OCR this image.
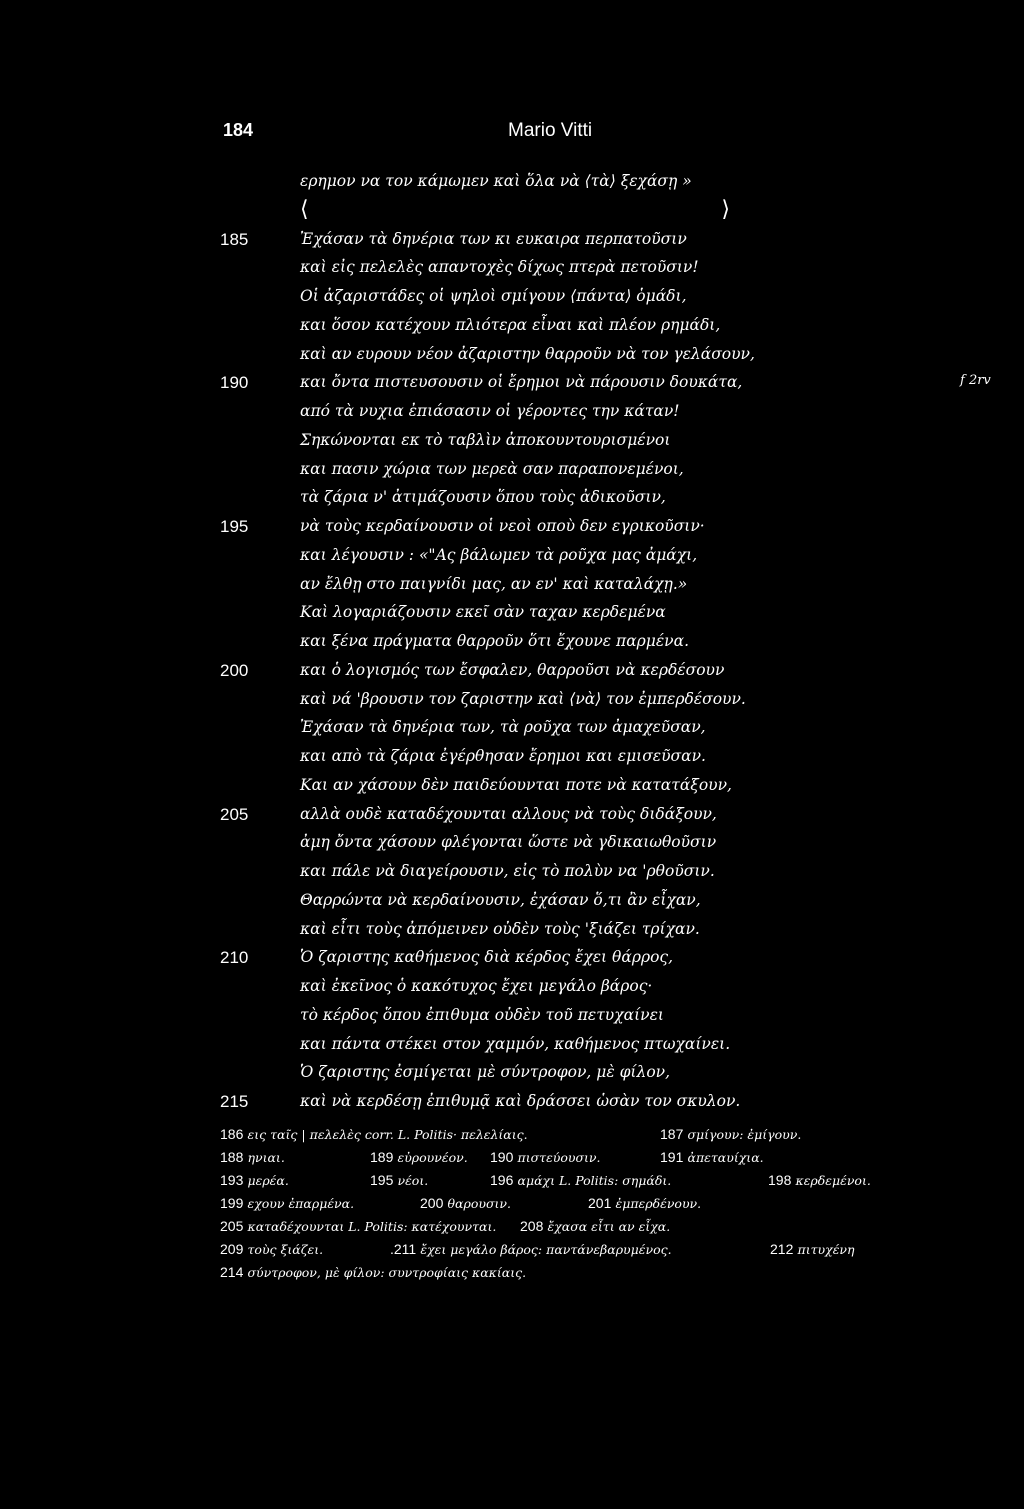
184	Mario Vitti
ερημον να τον κάμωμεν καὶ ὅλα νὰ ⟨τὰ⟩ ξεχάσῃ »
⟨	⟩
185	Ἐχάσαν τὰ δηνέρια των κι ευκαιρα περπατοῦσιν
καὶ εἰς πελελὲς απαντοχὲς δίχως πτερὰ πετοῦσιν!
Οἱ ἀζαριστάδες οἱ ψηλοὶ σμίγουν ⟨πάντα⟩ ὁμάδι,
και ὅσον κατέχουν πλιότερα εἶναι καὶ πλέον ρημάδι,
καὶ αν ευρουν νέον ἀζαριστην θαρροῦν νὰ τον γελάσουν,
190	και ὄντα πιστευσουσιν οἱ ἔρημοι νὰ πάρουσιν δουκάτα,	f 2rv
από τὰ νυχια ἐπιάσασιν οἱ γέροντες την κάταν!
Σηκώνονται εκ τὸ ταβλὶν ἀποκουντουρισμένοι
και πασιν χώρια των μερεὰ σαν παραπονεμένοι,
τὰ ζάρια ν' ἀτιμάζουσιν ὅπου τοὺς ἀδικοῦσιν,
195	νὰ τοὺς κερδαίνουσιν οἱ νεοὶ οποὺ δεν εγρικοῦσιν·
και λέγουσιν : «"Ας βάλωμεν τὰ ροῦχα μας ἀμάχι,
αν ἔλθῃ στο παιγνίδι μας, αν εν' καὶ καταλάχῃ.»
Καὶ λογαριάζουσιν εκεῖ σὰν ταχαν κερδεμένα
και ξένα πράγματα θαρροῦν ὅτι ἔχουνε παρμένα.
200	και ὁ λογισμός των ἔσφαλεν, θαρροῦσι νὰ κερδέσουν
καὶ νά 'βρουσιν τον ζαριστην καὶ ⟨νὰ⟩ τον ἐμπερδέσουν.
Ἐχάσαν τὰ δηνέρια των, τὰ ροῦχα των ἀμαχεῦσαν,
και απὸ τὰ ζάρια ἐγέρθησαν ἔρημοι και εμισεῦσαν.
Και αν χάσουν δὲν παιδεύουνται ποτε νὰ κατατάξουν,
205	αλλὰ ουδὲ καταδέχουνται αλλους νὰ τοὺς διδάξουν,
ἀμη ὄντα χάσουν φλέγονται ὥστε νὰ γδικαιωθοῦσιν
και πάλε νὰ διαγείρουσιν, εἰς τὸ πολὺν να 'ρθοῦσιν.
Θαρρώντα νὰ κερδαίνουσιν, ἐχάσαν ὅ,τι ἂν εἶχαν,
καὶ εἶτι τοὺς ἀπόμεινεν οὐδὲν τοὺς 'ξιάζει τρίχαν.
210	Ὁ ζαριστης καθήμενος διὰ κέρδος ἔχει θάρρος,
καὶ ἐκεῖνος ὁ κακότυχος ἔχει μεγάλο βάρος·
τὸ κέρδος ὅπου ἐπιθυμα οὐδὲν τοῦ πετυχαίνει
και πάντα στέκει στον χαμμόν, καθήμενος πτωχαίνει.
Ὁ ζαριστης ἐσμίγεται μὲ σύντροφον, μὲ φίλον,
215	καὶ νὰ κερδέσῃ ἐπιθυμᾷ καὶ δράσσει ὡσὰν τον σκυλον.
186 εις ταῖς | πελελὲς corr. L. Politis· πελελίαις.	187 σμίγουν: ἐμίγουν.
188 ηνιαι.	189 εὐρουνέον. 190 πιστεύουσιν.	191 ἀπεταυίχια.
193 μερέα.	195 νέοι.	196 αμάχι L. Politis: σημάδι.	198 κερδεμένοι.
199 εχουν ἐπαρμένα.	200 θαρουσιν.	201 ἐμπερδένουν.
205 καταδέχουνται L. Politis: κατέχουνται. 208 ἔχασα εἶτι αν εἶχα.
209 τοὺς ξιάζει.	.211 ἔχει μεγάλο βάρος: παντάνεβαρυμένος.	212 πιτυχένη
214 σύντροφον, μὲ φίλον: συντροφίαις κακίαις.
